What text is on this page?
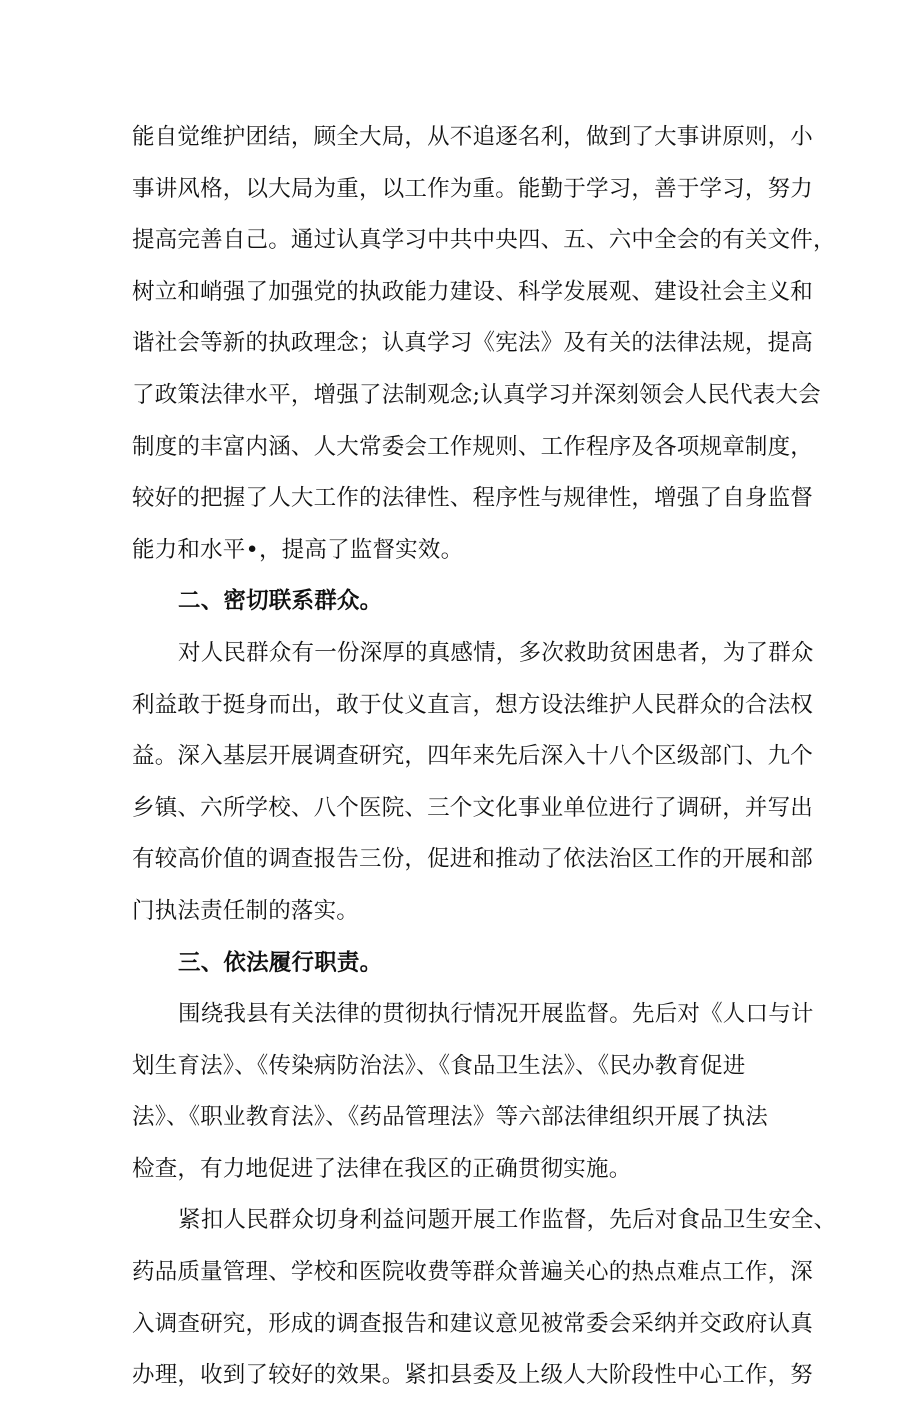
能自觉维护团结，顾全大局，从不追逐名利，做到了大事讲原则，小
事讲风格，以大局为重，以工作为重。能勤于学习，善于学习，努力
提高完善自己。通过认真学习中共中央四、五、六中全会的有关文件，
树立和峭强了加强党的执政能力建设、科学发展观、建设社会主义和
谐社会等新的执政理念；认真学习《宪法》及有关的法律法规，提高
了政策法律水平，增强了法制观念;认真学习并深刻领会人民代表大会
制度的丰富内涵、人大常委会工作规则、工作程序及各项规章制度，
较好的把握了人大工作的法律性、程序性与规律性，增强了自身监督
能力和水平•，提高了监督实效。
二、密切联系群众。
对人民群众有一份深厚的真感情，多次救助贫困患者，为了群众
利益敢于挺身而出，敢于仗义直言，想方设法维护人民群众的合法权
益。深入基层开展调查研究，四年来先后深入十八个区级部门、九个
乡镇、六所学校、八个医院、三个文化事业单位进行了调研，并写出
有较高价值的调查报告三份，促进和推动了依法治区工作的开展和部
门执法责任制的落实。
三、依法履行职责。
围绕我县有关法律的贯彻执行情况开展监督。先后对《人口与计
划生育法》、《传染病防治法》、《食品卫生法》、《民办教育促进
法》、《职业教育法》、《药品管理法》等六部法律组织开展了执法
检查，有力地促进了法律在我区的正确贯彻实施。
紧扣人民群众切身利益问题开展工作监督，先后对食品卫生安全、
药品质量管理、学校和医院收费等群众普遍关心的热点难点工作，深
入调查研究，形成的调查报告和建议意见被常委会采纳并交政府认真
办理，收到了较好的效果。紧扣县委及上级人大阶段性中心工作，努
